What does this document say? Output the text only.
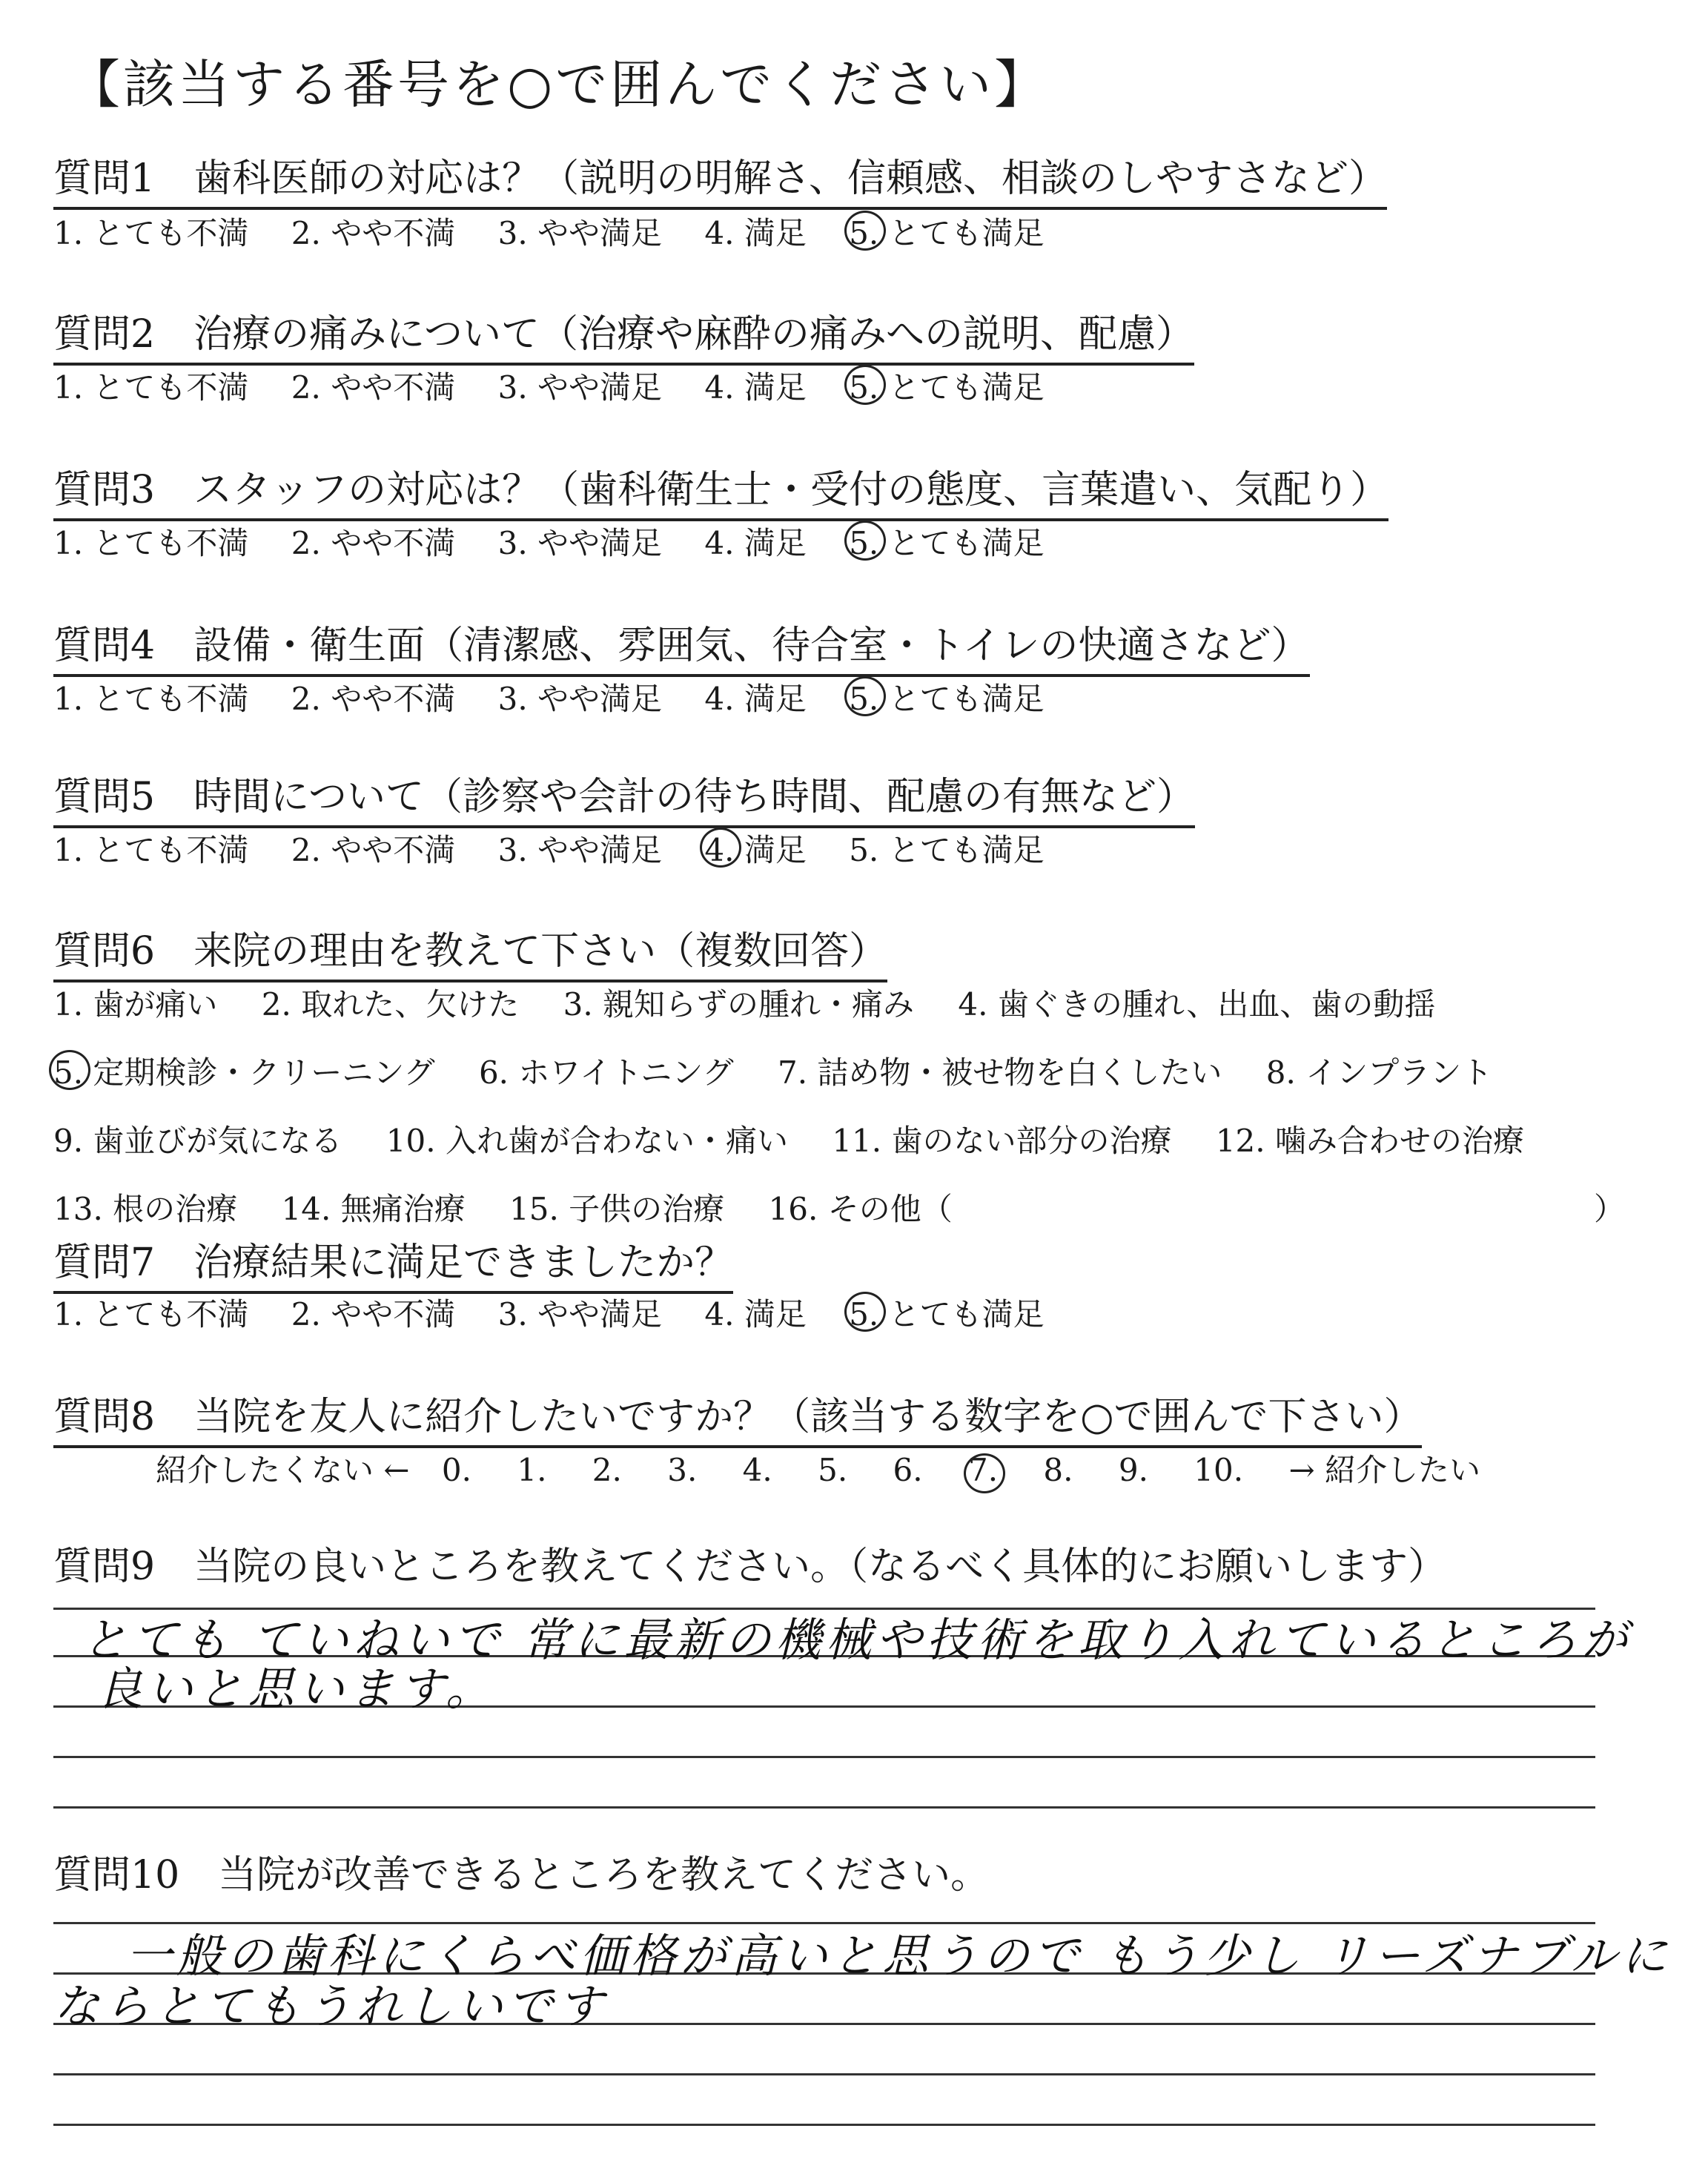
【該当する番号を○で囲んでください】
質問1　歯科医師の対応は？（説明の明解さ、信頼感、相談のしやすさなど）
1. とても不満 2. やや不満 3. やや満足 4. 満足 5. とても満足
質問2　治療の痛みについて（治療や麻酔の痛みへの説明、配慮）
1. とても不満 2. やや不満 3. やや満足 4. 満足 5. とても満足
質問3　スタッフの対応は？（歯科衛生士・受付の態度、言葉遣い、気配り）
1. とても不満 2. やや不満 3. やや満足 4. 満足 5. とても満足
質問4　設備・衛生面（清潔感、雰囲気、待合室・トイレの快適さなど）
1. とても不満 2. やや不満 3. やや満足 4. 満足 5. とても満足
質問5　時間について（診察や会計の待ち時間、配慮の有無など）
1. とても不満 2. やや不満 3. やや満足 4. 満足 5. とても満足
質問6　来院の理由を教えて下さい（複数回答）
1. 歯が痛い 2. 取れた、欠けた 3. 親知らずの腫れ・痛み 4. 歯ぐきの腫れ、出血、歯の動揺
5. 定期検診・クリーニング 6. ホワイトニング 7. 詰め物・被せ物を白くしたい 8. インプラント
9. 歯並びが気になる 10. 入れ歯が合わない・痛い 11. 歯のない部分の治療 12. 噛み合わせの治療
13. 根の治療 14. 無痛治療 15. 子供の治療 16. その他（	）
質問7　治療結果に満足できましたか？
1. とても不満 2. やや不満 3. やや満足 4. 満足 5. とても満足
質問8　当院を友人に紹介したいですか？（該当する数字を○で囲んで下さい）
紹介したくない ← 0. 1. 2. 3. 4. 5. 6. 7. 8. 9. 10. → 紹介したい
質問9　当院の良いところを教えてください。（なるべく具体的にお願いします）
とても ていねいで 常に最新の機械や技術を取り入れているところが
良いと思います。
質問10　当院が改善できるところを教えてください。
一般の歯科にくらべ価格が高いと思うので もう少し リーズナブルに
ならとてもうれしいです
